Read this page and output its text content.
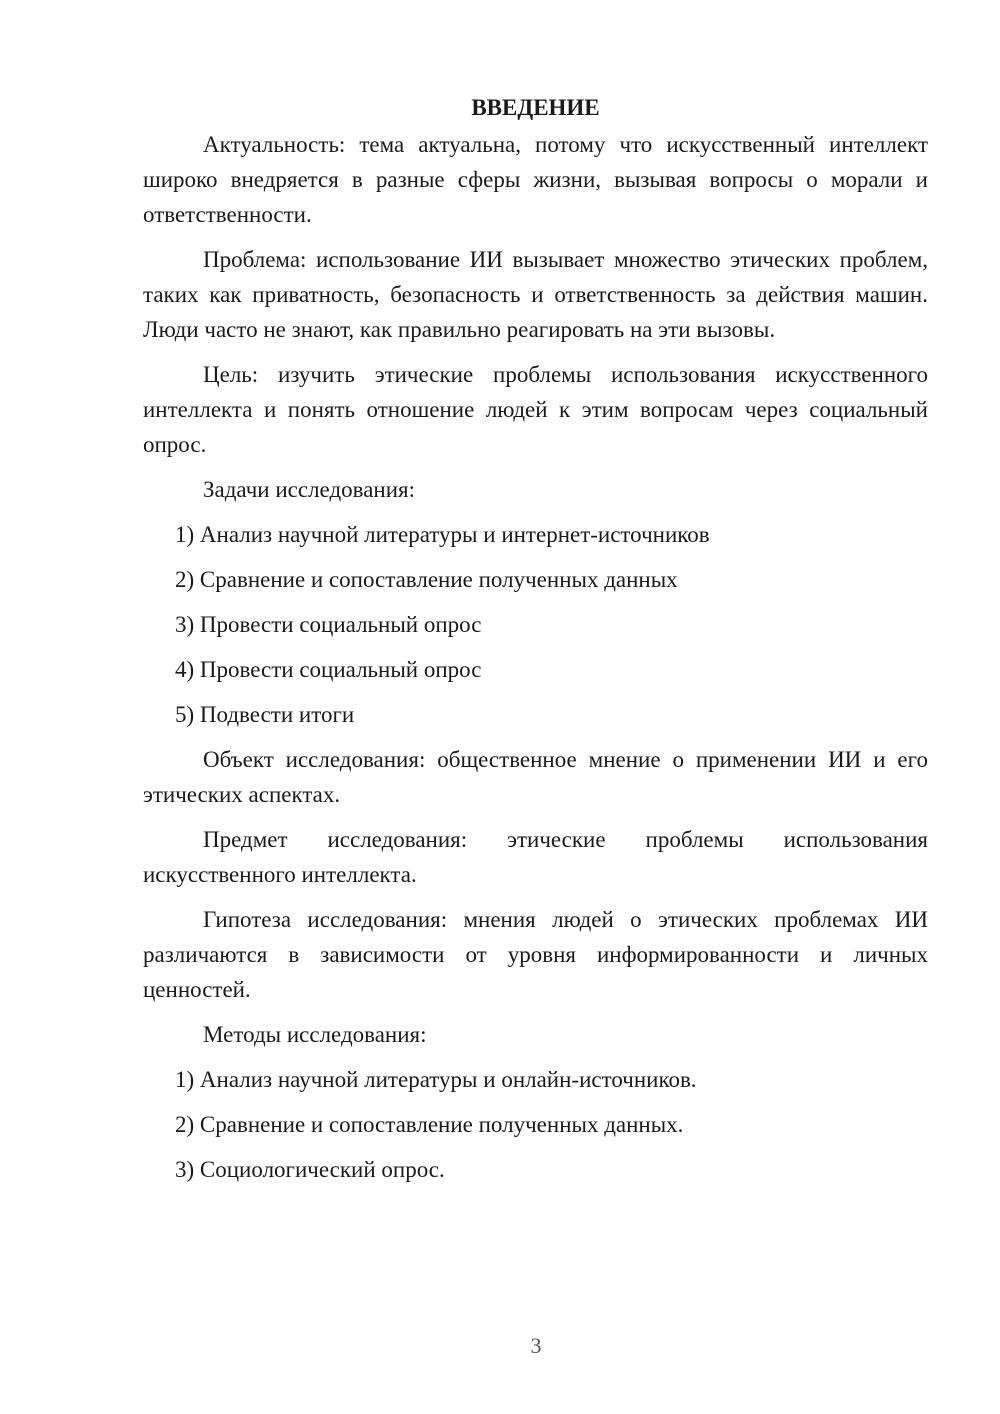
ВВЕДЕНИЕ

Актуальность: тема актуальна, потому что искусственный интеллект широко внедряется в разные сферы жизни, вызывая вопросы о морали и ответственности.

Проблема: использование ИИ вызывает множество этических проблем, таких как приватность, безопасность и ответственность за действия машин. Люди часто не знают, как правильно реагировать на эти вызовы.

Цель: изучить этические проблемы использования искусственного интеллекта и понять отношение людей к этим вопросам через социальный опрос.

Задачи исследования:

1) Анализ научной литературы и интернет-источников
2) Сравнение и сопоставление полученных данных
3) Провести социальный опрос
4) Провести социальный опрос
5) Подвести итоги

Объект исследования: общественное мнение о применении ИИ и его этических аспектах.

Предмет исследования: этические проблемы использования искусственного интеллекта.

Гипотеза исследования: мнения людей о этических проблемах ИИ различаются в зависимости от уровня информированности и личных ценностей.

Методы исследования:

1) Анализ научной литературы и онлайн-источников.
2) Сравнение и сопоставление полученных данных.
3) Социологический опрос.
3
